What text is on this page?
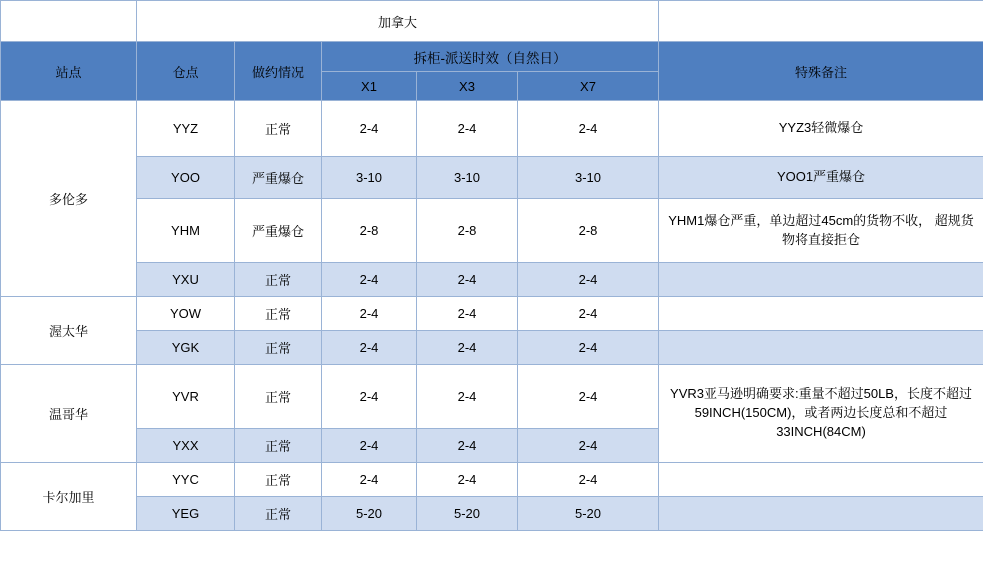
	加拿大					
站点	仓点	做约情况	拆柜-派送时效（自然日）			特殊备注
			X1	X3	X7	
多伦多	YYZ	正常	2-4	2-4	2-4	YYZ3轻微爆仓
	YOO	严重爆仓	3-10	3-10	3-10	YOO1严重爆仓
	YHM	严重爆仓	2-8	2-8	2-8	YHM1爆仓严重，单边超过45cm的货物不收， 超规货物将直接拒仓
	YXU	正常	2-4	2-4	2-4	
渥太华	YOW	正常	2-4	2-4	2-4	
	YGK	正常	2-4	2-4	2-4	
温哥华	YVR	正常	2-4	2-4	2-4	YVR3亚马逊明确要求:重量不超过50LB，长度不超过59INCH(150CM)，或者两边长度总和不超过33INCH(84CM)
	YXX	正常	2-4	2-4	2-4	
卡尔加里	YYC	正常	2-4	2-4	2-4	
	YEG	正常	5-20	5-20	5-20	
